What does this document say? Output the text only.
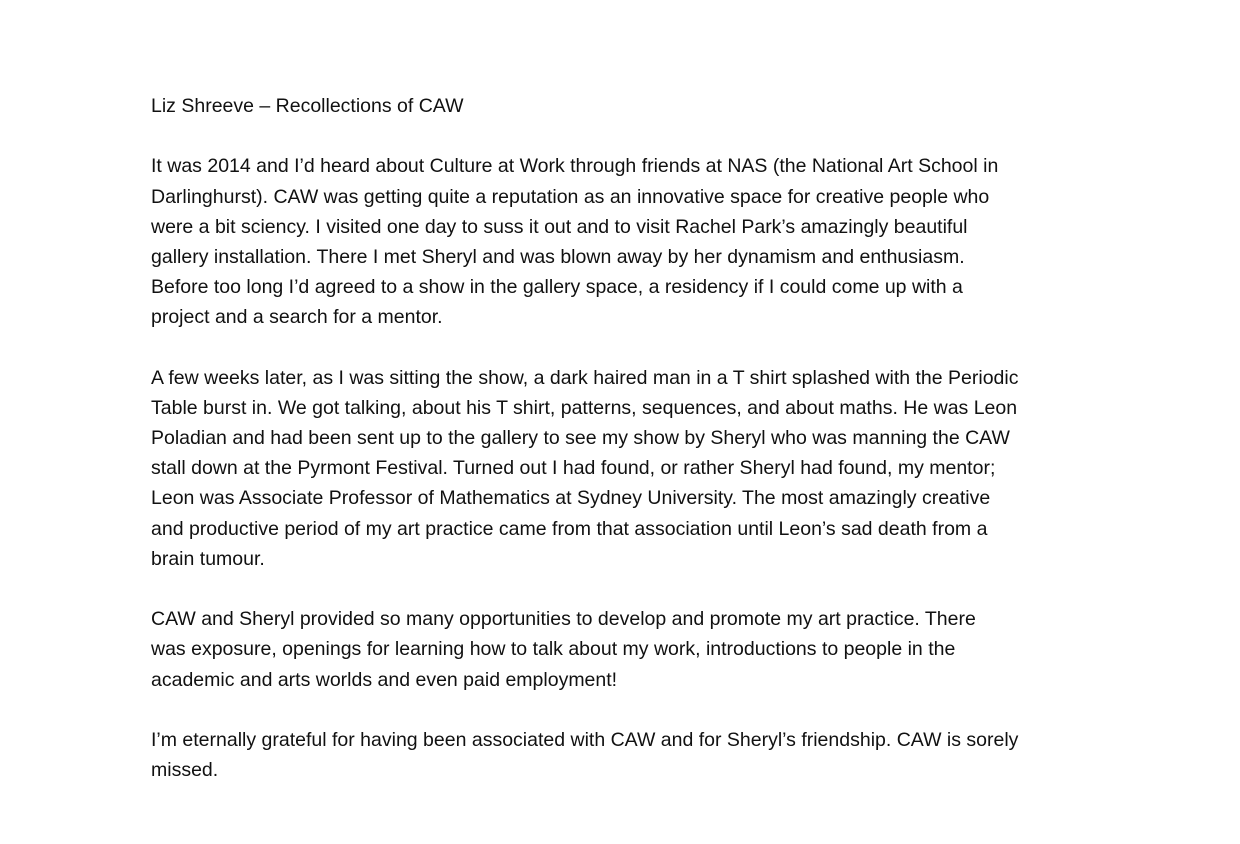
Liz Shreeve – Recollections of CAW
It was 2014 and I’d heard about Culture at Work through friends at NAS (the National Art School in
Darlinghurst). CAW was getting quite a reputation as an innovative space for creative people who
were a bit sciency. I visited one day to suss it out and to visit Rachel Park’s amazingly beautiful
gallery installation. There I met Sheryl and was blown away by her dynamism and enthusiasm.
Before too long I’d agreed to a show in the gallery space, a residency if I could come up with a
project and a search for a mentor.
A few weeks later, as I was sitting the show, a dark haired man in a T shirt splashed with the Periodic
Table burst in. We got talking, about his T shirt, patterns, sequences, and about maths. He was Leon
Poladian and had been sent up to the gallery to see my show by Sheryl who was manning the CAW
stall down at the Pyrmont Festival. Turned out I had found, or rather Sheryl had found, my mentor;
Leon was Associate Professor of Mathematics at Sydney University. The most amazingly creative
and productive period of my art practice came from that association until Leon’s sad death from a
brain tumour.
CAW and Sheryl provided so many opportunities to develop and promote my art practice. There
was exposure, openings for learning how to talk about my work, introductions to people in the
academic and arts worlds and even paid employment!
I’m eternally grateful for having been associated with CAW and for Sheryl’s friendship. CAW is sorely
missed.
